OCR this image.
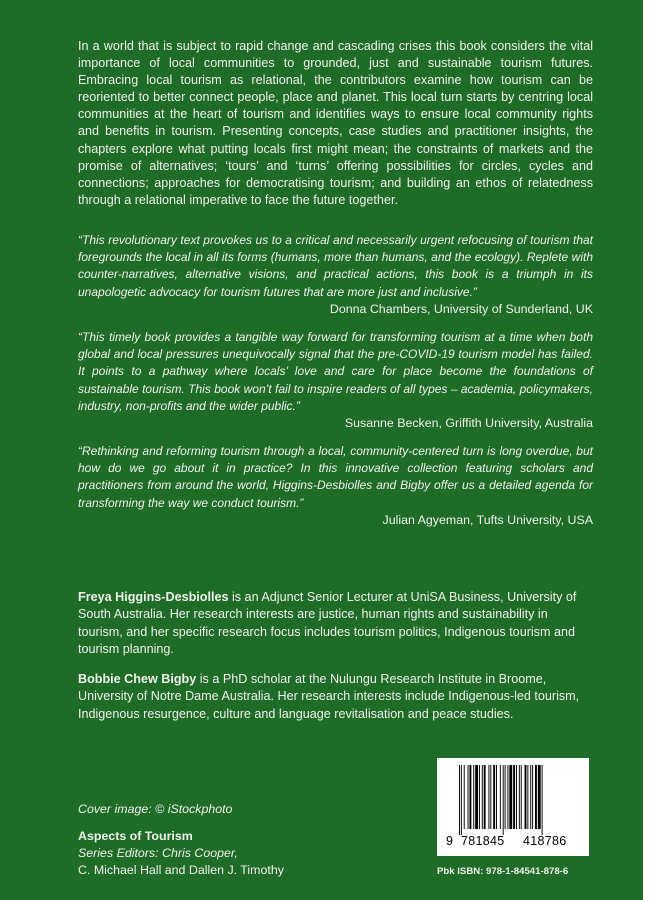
In a world that is subject to rapid change and cascading crises this book considers the vital importance of local communities to grounded, just and sustainable tourism futures. Embracing local tourism as relational, the contributors examine how tourism can be reoriented to better connect people, place and planet. This local turn starts by centring local communities at the heart of tourism and identifies ways to ensure local community rights and benefits in tourism. Presenting concepts, case studies and practitioner insights, the chapters explore what putting locals first might mean; the constraints of markets and the promise of alternatives; ‘tours’ and ‘turns’ offering possibilities for circles, cycles and connections; approaches for democratising tourism; and building an ethos of relatedness through a relational imperative to face the future together.

“This revolutionary text provokes us to a critical and necessarily urgent refocusing of tourism that foregrounds the local in all its forms (humans, more than humans, and the ecology). Replete with counter-narratives, alternative visions, and practical actions, this book is a triumph in its unapologetic advocacy for tourism futures that are more just and inclusive.”

Donna Chambers, University of Sunderland, UK

“This timely book provides a tangible way forward for transforming tourism at a time when both global and local pressures unequivocally signal that the pre-COVID-19 tourism model has failed. It points to a pathway where locals’ love and care for place become the foundations of sustainable tourism. This book won’t fail to inspire readers of all types – academia, policymakers, industry, non-profits and the wider public.”

Susanne Becken, Griffith University, Australia

“Rethinking and reforming tourism through a local, community-centered turn is long overdue, but how do we go about it in practice? In this innovative collection featuring scholars and practitioners from around the world, Higgins-Desbiolles and Bigby offer us a detailed agenda for transforming the way we conduct tourism.”

Julian Agyeman, Tufts University, USA

Freya Higgins-Desbiolles is an Adjunct Senior Lecturer at UniSA Business, University of South Australia. Her research interests are justice, human rights and sustainability in tourism, and her specific research focus includes tourism politics, Indigenous tourism and tourism planning.

Bobbie Chew Bigby is a PhD scholar at the Nulungu Research Institute in Broome, University of Notre Dame Australia. Her research interests include Indigenous-led tourism, Indigenous resurgence, culture and language revitalisation and peace studies.

Cover image: © iStockphoto

Aspects of Tourism
Series Editors: Chris Cooper,
C. Michael Hall and Dallen J. Timothy

9 781845 418786

Pbk ISBN: 978-1-84541-878-6
